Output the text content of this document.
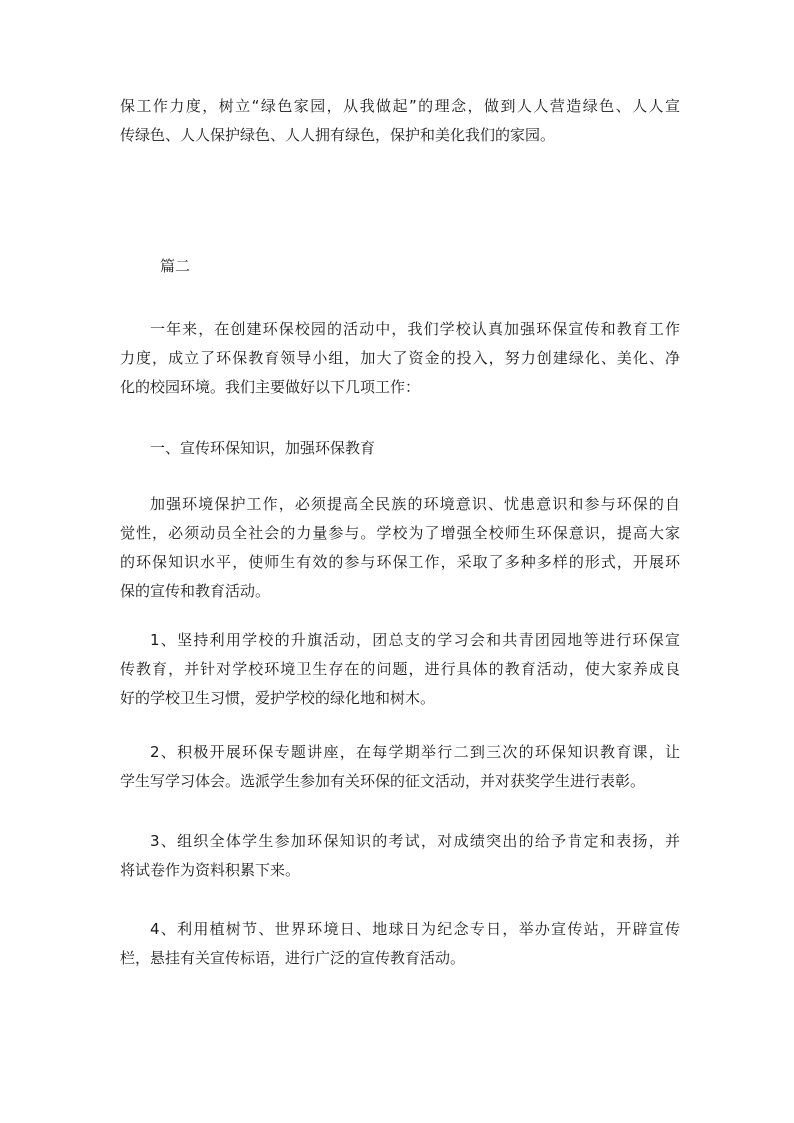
保工作力度，树立“绿色家园，从我做起”的理念，做到人人营造绿色、人人宣
传绿色、人人保护绿色、人人拥有绿色，保护和美化我们的家园。

篇二

一年来，在创建环保校园的活动中，我们学校认真加强环保宣传和教育工作
力度，成立了环保教育领导小组，加大了资金的投入，努力创建绿化、美化、净
化的校园环境。我们主要做好以下几项工作：

一、宣传环保知识，加强环保教育

加强环境保护工作，必须提高全民族的环境意识、忧患意识和参与环保的自
觉性，必须动员全社会的力量参与。学校为了增强全校师生环保意识，提高大家
的环保知识水平，使师生有效的参与环保工作，采取了多种多样的形式，开展环
保的宣传和教育活动。

1、坚持利用学校的升旗活动，团总支的学习会和共青团园地等进行环保宣
传教育，并针对学校环境卫生存在的问题，进行具体的教育活动，使大家养成良
好的学校卫生习惯，爱护学校的绿化地和树木。

2、积极开展环保专题讲座，在每学期举行二到三次的环保知识教育课，让
学生写学习体会。选派学生参加有关环保的征文活动，并对获奖学生进行表彰。

3、组织全体学生参加环保知识的考试，对成绩突出的给予肯定和表扬，并
将试卷作为资料积累下来。

4、利用植树节、世界环境日、地球日为纪念专日，举办宣传站，开辟宣传
栏，悬挂有关宣传标语，进行广泛的宣传教育活动。
